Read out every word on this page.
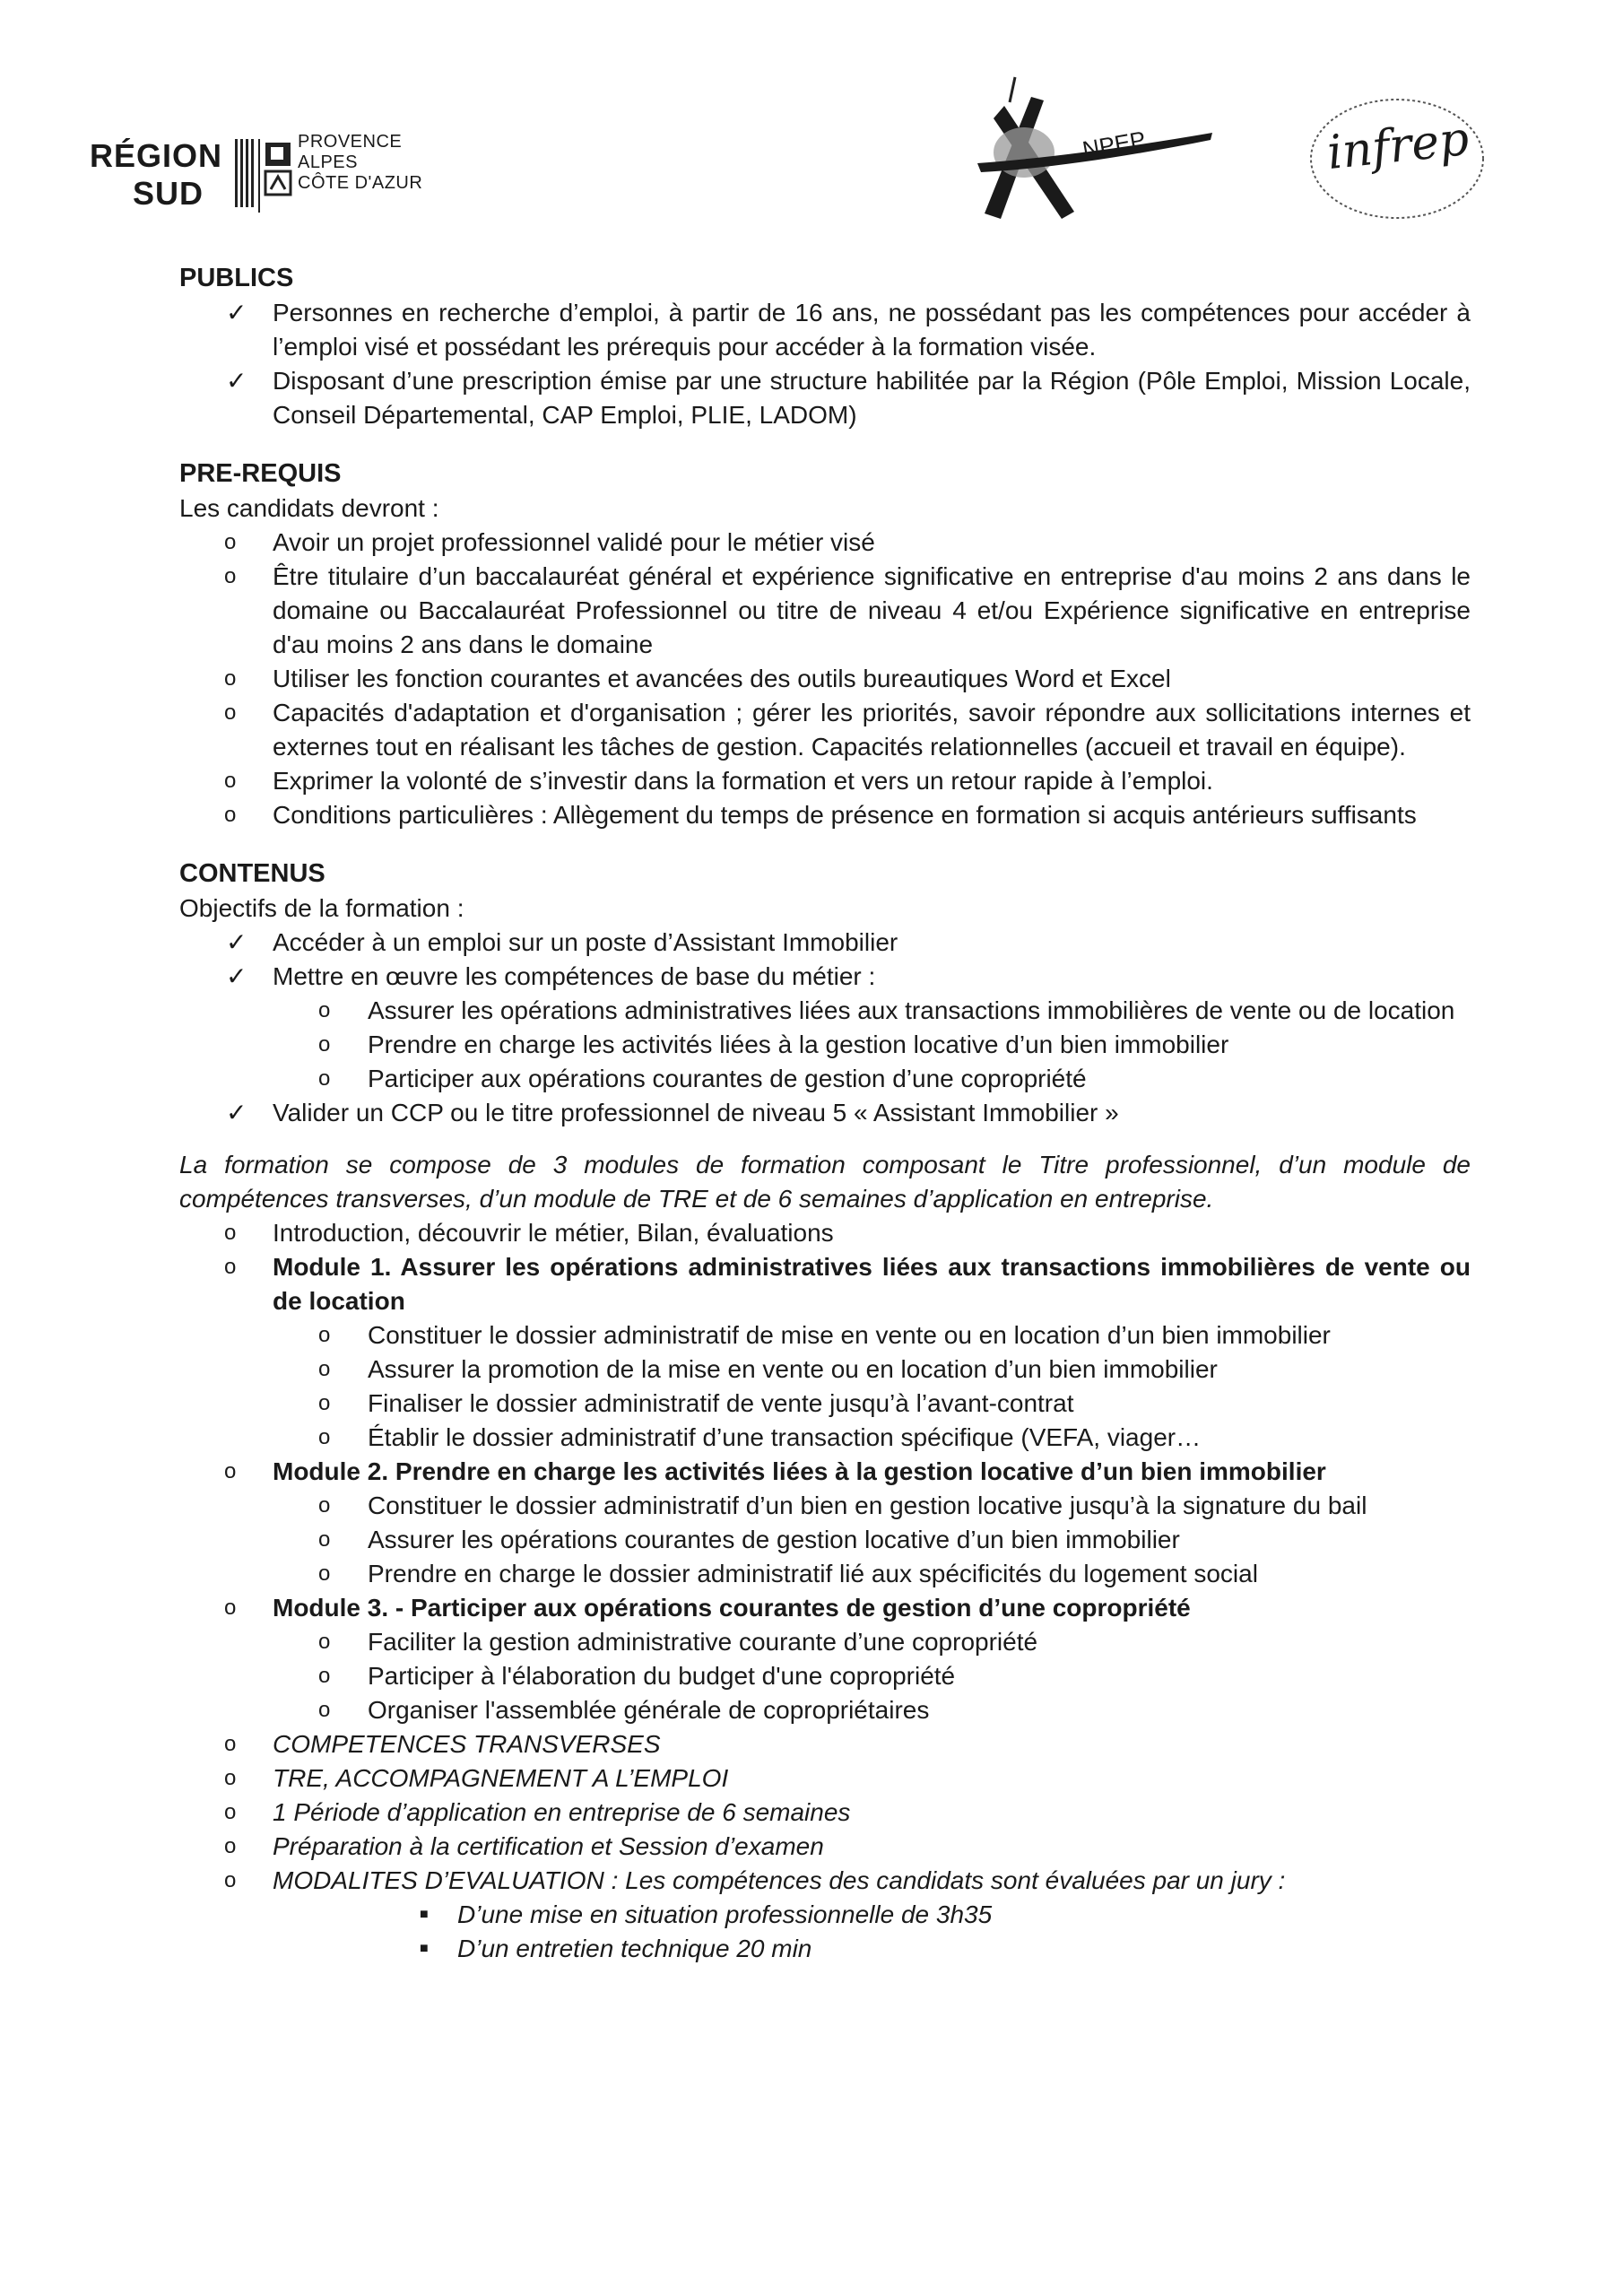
RÉGION
SUD
PROVENCE
ALPES
CÔTE D'AZUR
NPEP	infrep
PUBLICS
✓ Personnes en recherche d’emploi, à partir de 16 ans, ne possédant pas les compétences pour accéder à l’emploi visé et possédant les prérequis pour accéder à la formation visée.
✓ Disposant d’une prescription émise par une structure habilitée par la Région (Pôle Emploi, Mission Locale, Conseil Départemental, CAP Emploi, PLIE, LADOM)
PRE-REQUIS

Les candidats devront :

o Avoir un projet professionnel validé pour le métier visé
o Être titulaire d’un baccalauréat général et expérience significative en entreprise d'au moins 2 ans dans le domaine ou Baccalauréat Professionnel ou titre de niveau 4 et/ou Expérience significative en entreprise d'au moins 2 ans dans le domaine
o Utiliser les fonction courantes et avancées des outils bureautiques Word et Excel
o Capacités d'adaptation et d'organisation ; gérer les priorités, savoir répondre aux sollicitations internes et externes tout en réalisant les tâches de gestion. Capacités relationnelles (accueil et travail en équipe).
o Exprimer la volonté de s’investir dans la formation et vers un retour rapide à l’emploi.
o Conditions particulières : Allègement du temps de présence en formation si acquis antérieurs suffisants
CONTENUS

Objectifs de la formation :

✓ Accéder à un emploi sur un poste d’Assistant Immobilier
✓ Mettre en œuvre les compétences de base du métier :
o Assurer les opérations administratives liées aux transactions immobilières de vente ou de location
o Prendre en charge les activités liées à la gestion locative d’un bien immobilier
o Participer aux opérations courantes de gestion d’une copropriété
✓ Valider un CCP ou le titre professionnel de niveau 5 « Assistant Immobilier »

La formation se compose de 3 modules de formation composant le Titre professionnel, d’un module de compétences transverses, d’un module de TRE et de 6 semaines d’application en entreprise.

o Introduction, découvrir le métier, Bilan, évaluations
o Module 1. Assurer les opérations administratives liées aux transactions immobilières de vente ou de location
o Constituer le dossier administratif de mise en vente ou en location d’un bien immobilier
o Assurer la promotion de la mise en vente ou en location d’un bien immobilier
o Finaliser le dossier administratif de vente jusqu’à l’avant-contrat
o Établir le dossier administratif d’une transaction spécifique (VEFA, viager…
o Module 2. Prendre en charge les activités liées à la gestion locative d’un bien immobilier
o Constituer le dossier administratif d’un bien en gestion locative jusqu’à la signature du bail
o Assurer les opérations courantes de gestion locative d’un bien immobilier
o Prendre en charge le dossier administratif lié aux spécificités du logement social
o Module 3. - Participer aux opérations courantes de gestion d’une copropriété
o Faciliter la gestion administrative courante d’une copropriété
o Participer à l'élaboration du budget d'une copropriété
o Organiser l'assemblée générale de copropriétaires
o COMPETENCES TRANSVERSES
o TRE, ACCOMPAGNEMENT A L’EMPLOI
o 1 Période d’application en entreprise de 6 semaines
o Préparation à la certification et Session d’examen
o MODALITES D’EVALUATION : Les compétences des candidats sont évaluées par un jury :
■ D’une mise en situation professionnelle de 3h35
■ D’un entretien technique 20 min
